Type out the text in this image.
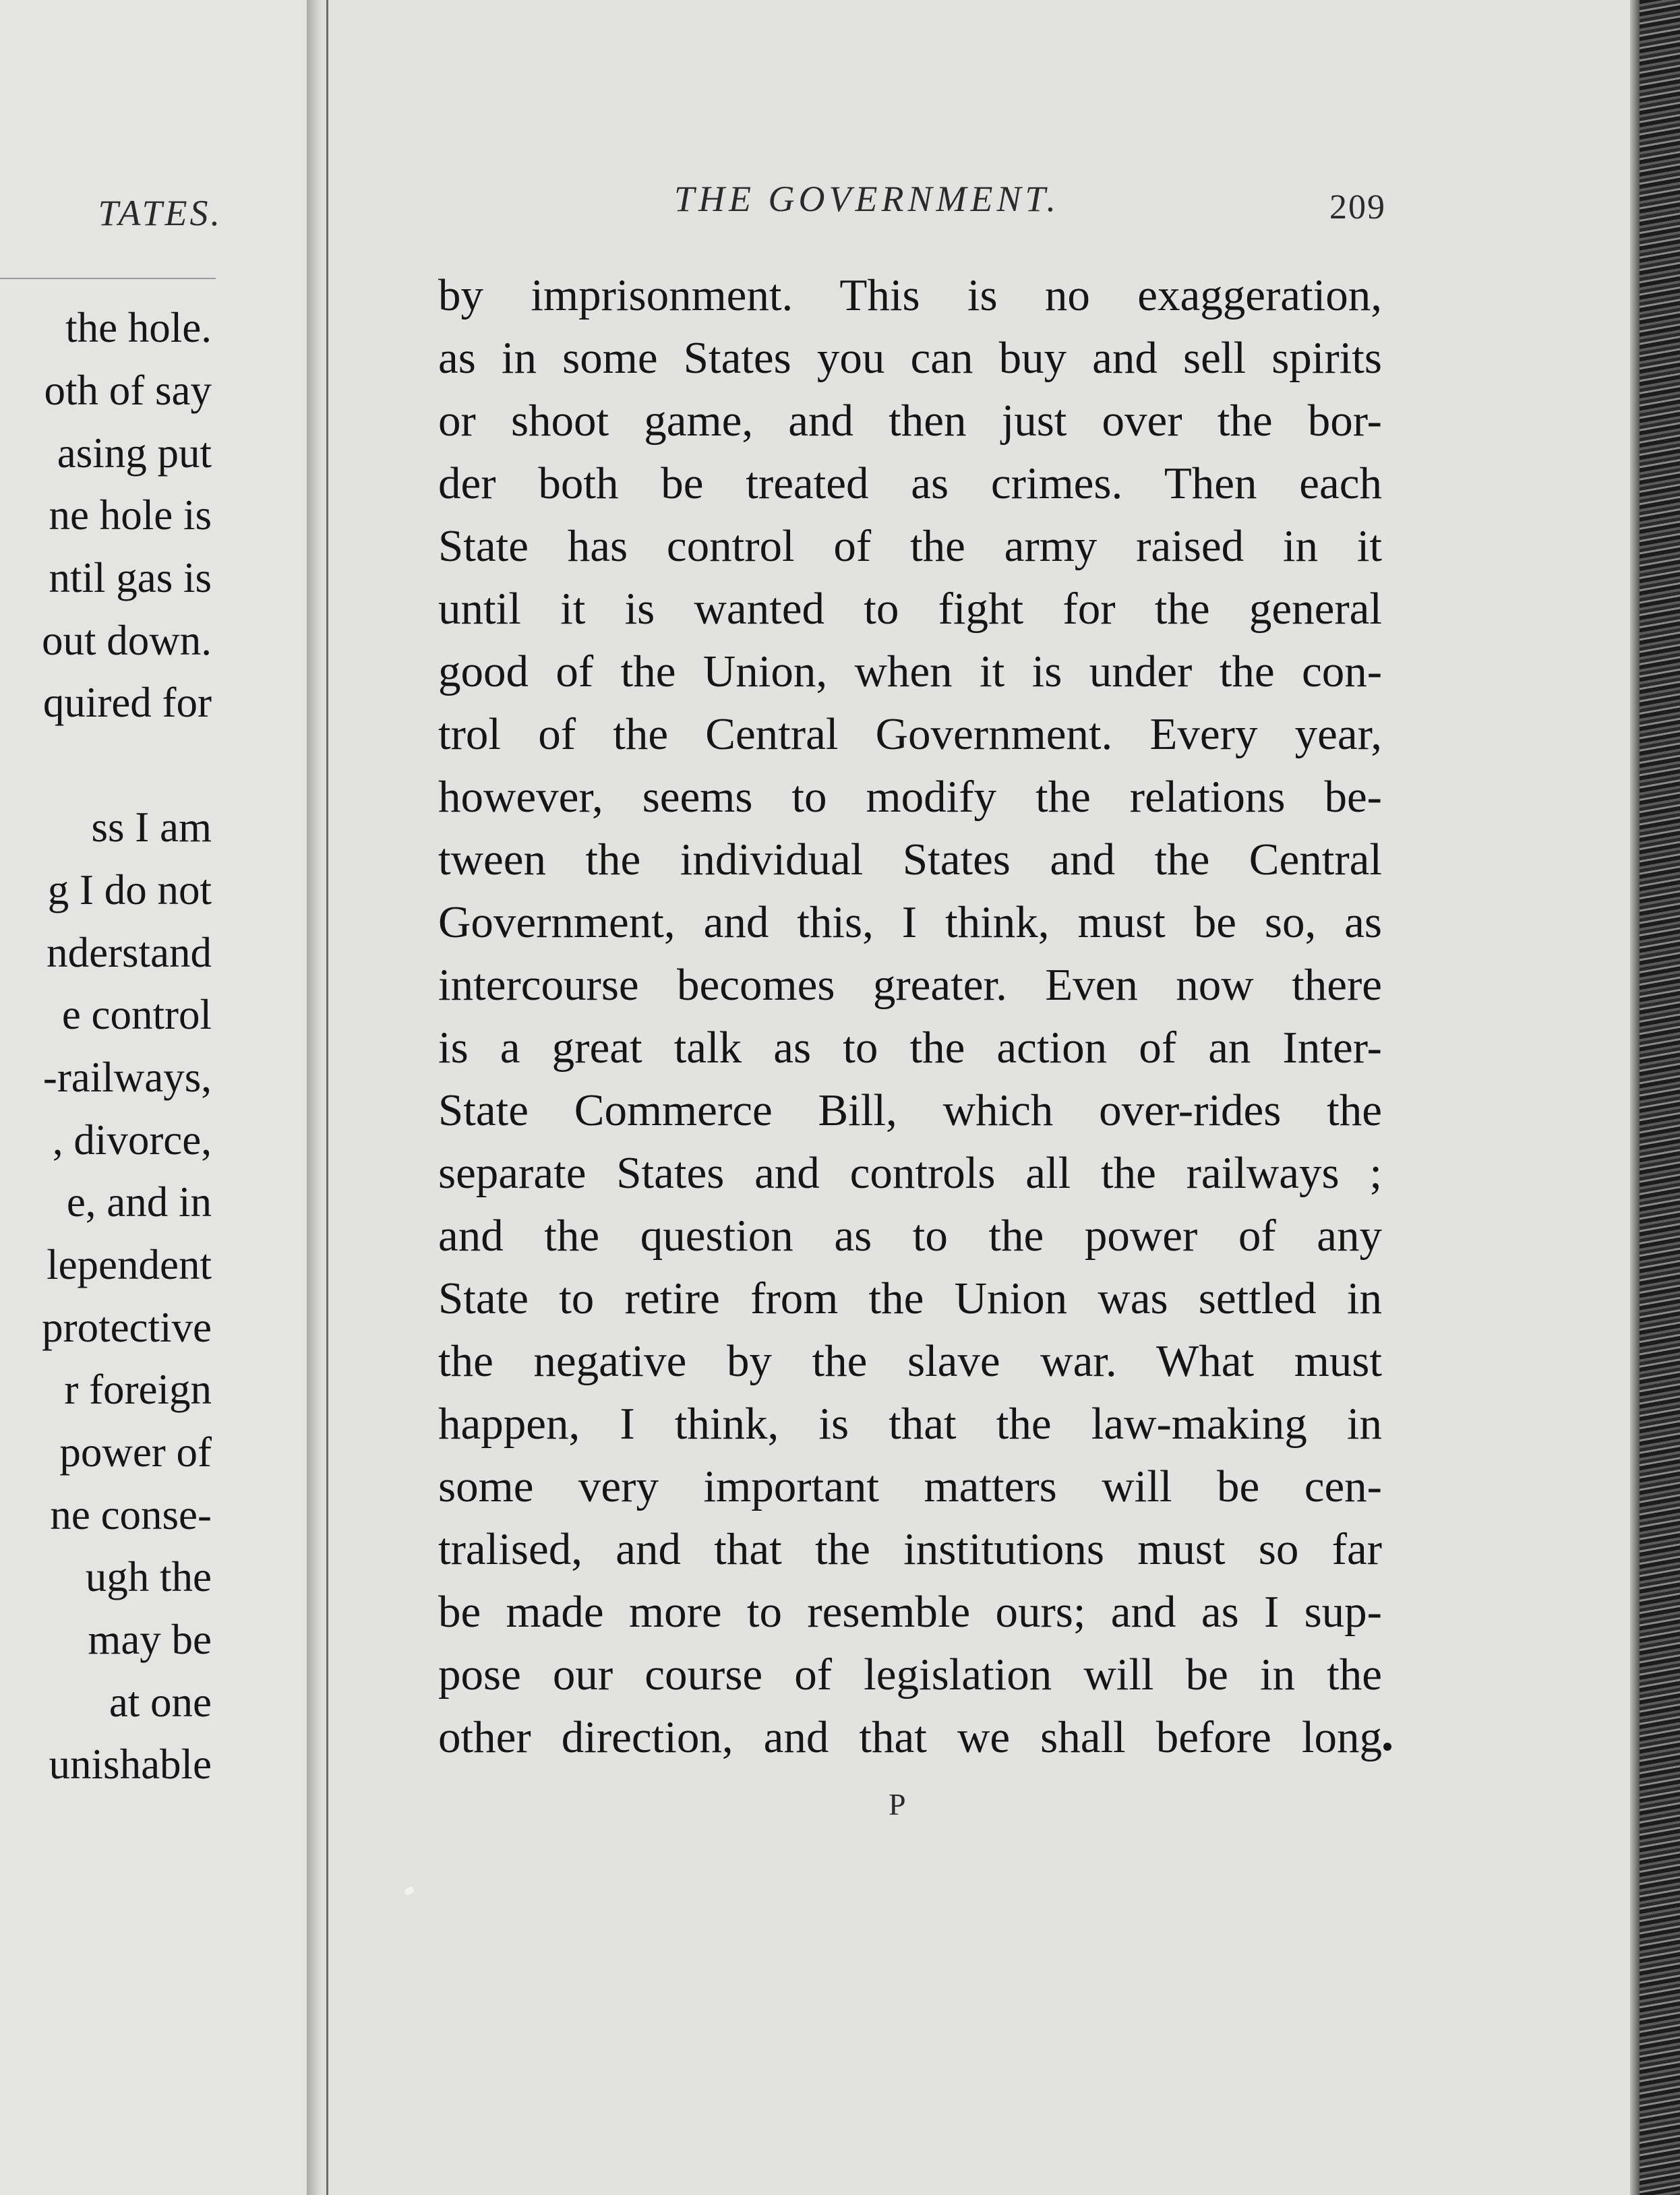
TATES.
the hole.
oth of say
asing put
ne hole is
ntil gas is
out down.
quired for
ss I am
g I do not
nderstand
e control
-railways,
, divorce,
e, and in
lependent
protective
r foreign
power of
ne conse-
ugh the
may be
at one
unishable
THE GOVERNMENT.	209
by imprisonment. This is no exaggeration,
as in some States you can buy and sell spirits
or shoot game, and then just over the bor-
der both be treated as crimes. Then each
State has control of the army raised in it
until it is wanted to fight for the general
good of the Union, when it is under the con-
trol of the Central Government. Every year,
however, seems to modify the relations be-
tween the individual States and the Central
Government, and this, I think, must be so, as
intercourse becomes greater. Even now there
is a great talk as to the action of an Inter-
State Commerce Bill, which over-rides the
separate States and controls all the railways ;
and the question as to the power of any
State to retire from the Union was settled in
the negative by the slave war. What must
happen, I think, is that the law-making in
some very important matters will be cen-
tralised, and that the institutions must so far
be made more to resemble ours; and as I sup-
pose our course of legislation will be in the
other direction, and that we shall before long
P
